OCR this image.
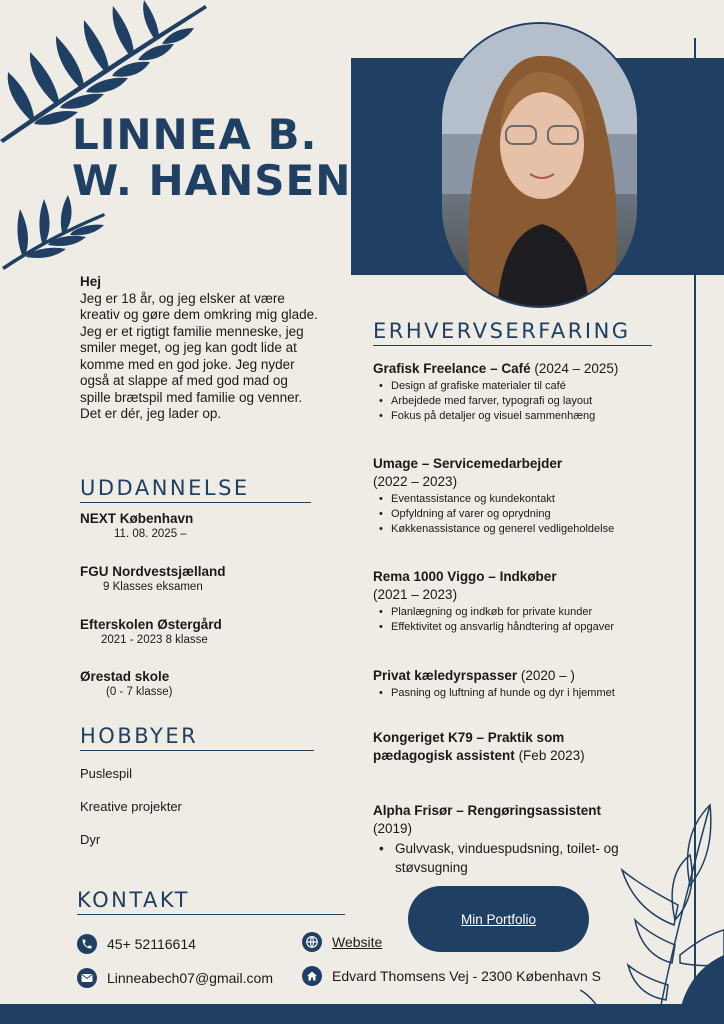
LINNEA B.
W. HANSEN
Hej
Jeg er 18 år, og jeg elsker at være kreativ og gøre dem omkring mig glade. Jeg er et rigtigt familie menneske, jeg smiler meget, og jeg kan godt lide at komme med en god joke. Jeg nyder også at slappe af med god mad og spille brætspil med familie og venner. Det er dér, jeg lader op.
UDDANNELSE
NEXT København
11. 08. 2025 –
FGU Nordvestsjælland
9 Klasses eksamen
Efterskolen Østergård
2021 - 2023 8 klasse
Ørestad skole
(0 - 7 klasse)
HOBBYER
Puslespil
Kreative projekter
Dyr
ERHVERVSERFARING
Grafisk Freelance – Café (2024 – 2025)
• Design af grafiske materialer til café
• Arbejdede med farver, typografi og layout
• Fokus på detaljer og visuel sammenhæng
Umage – Servicemedarbejder
(2022 – 2023)
• Eventassistance og kundekontakt
• Opfyldning af varer og oprydning
• Køkkenassistance og generel vedligeholdelse
Rema 1000 Viggo – Indkøber
(2021 – 2023)
• Planlægning og indkøb for private kunder
• Effektivitet og ansvarlig håndtering af opgaver
Privat kæledyrspasser (2020 – )
• Pasning og luftning af hunde og dyr i hjemmet
Kongeriget K79 – Praktik som
pædagogisk assistent (Feb 2023)
Alpha Frisør – Rengøringsassistent
(2019)
• Gulvvask, vinduespudsning, toilet- og støvsugning
Min Portfolio
KONTAKT
45+ 52116614	Website
Linneabech07@gmail.com	Edvard Thomsens Vej - 2300 København S
